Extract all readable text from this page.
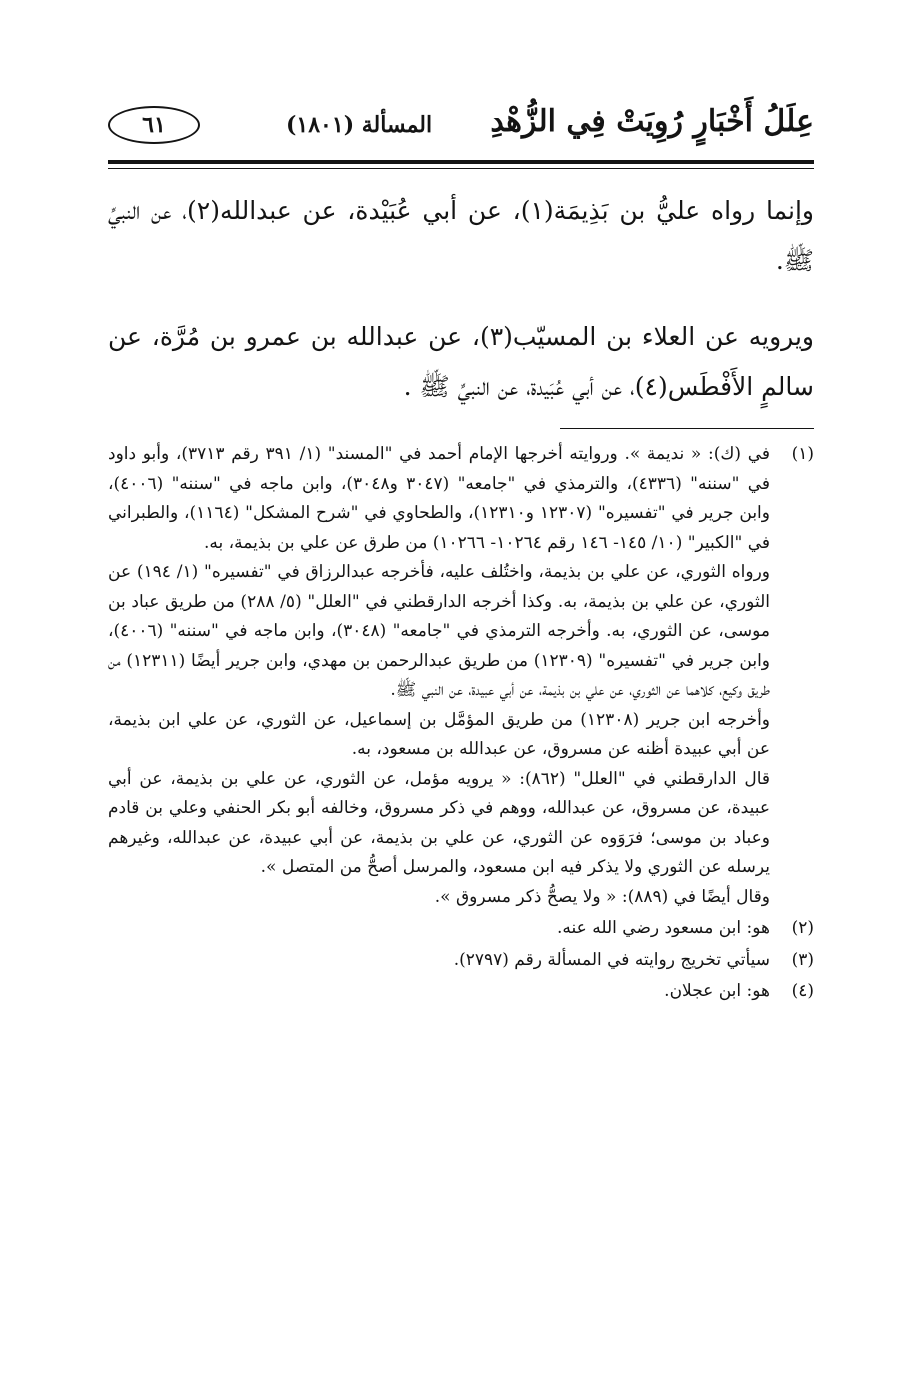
عِلَلُ أَخْبَارٍ رُوِيَتْ فِي الزُّهْدِ
المسألة (١٨٠١)
٦١

وإنما رواه عليُّ بن بَذِيمَة(١)، عن أبي عُبَيْدة، عن عبدالله(٢)، عن النبيِّ ﷺ.

ويرويه عن العلاء بن المسيّب(٣)، عن عبدالله بن عمرو بن مُرَّة، عن سالمٍ الأَفْطَس(٤)، عن أبي عُبَيدة، عن النبيِّ ﷺ .

(١)

في (ك): « نديمة ». وروايته أخرجها الإمام أحمد في "المسند" (١/ ٣٩١ رقم ٣٧١٣)، وأبو داود في "سننه" (٤٣٣٦)، والترمذي في "جامعه" (٣٠٤٧ و٣٠٤٨)، وابن ماجه في "سننه" (٤٠٠٦)، وابن جرير في "تفسيره" (١٢٣٠٧ و١٢٣١٠)، والطحاوي في "شرح المشكل" (١١٦٤)، والطبراني في "الكبير" (١٠/ ١٤٥- ١٤٦ رقم ١٠٢٦٤- ١٠٢٦٦) من طرق عن علي بن بذيمة، به.

ورواه الثوري، عن علي بن بذيمة، واختُلف عليه، فأخرجه عبدالرزاق في "تفسيره" (١/ ١٩٤) عن الثوري، عن علي بن بذيمة، به. وكذا أخرجه الدارقطني في "العلل" (٥/ ٢٨٨) من طريق عباد بن موسى، عن الثوري، به. وأخرجه الترمذي في "جامعه" (٣٠٤٨)، وابن ماجه في "سننه" (٤٠٠٦)، وابن جرير في "تفسيره" (١٢٣٠٩) من طريق عبدالرحمن بن مهدي، وابن جرير أيضًا (١٢٣١١) من طريق وكيع، كلاهما عن الثوري، عن علي بن بذيمة، عن أبي عبيدة، عن النبي ﷺ.

وأخرجه ابن جرير (١٢٣٠٨) من طريق المؤمَّل بن إسماعيل، عن الثوري، عن علي ابن بذيمة، عن أبي عبيدة أظنه عن مسروق، عن عبدالله بن مسعود، به.

قال الدارقطني في "العلل" (٨٦٢): « يرويه مؤمل، عن الثوري، عن علي بن بذيمة، عن أبي عبيدة، عن مسروق، عن عبدالله، ووهم في ذكر مسروق، وخالفه أبو بكر الحنفي وعلي بن قادم وعباد بن موسى؛ فرَوَوه عن الثوري، عن علي بن بذيمة، عن أبي عبيدة، عن عبدالله، وغيرهم يرسله عن الثوري ولا يذكر فيه ابن مسعود، والمرسل أصحُّ من المتصل ».

وقال أيضًا في (٨٨٩): « ولا يصحُّ ذكر مسروق ».

(٢)

هو: ابن مسعود رضي الله عنه.

(٣)

سيأتي تخريج روايته في المسألة رقم (٢٧٩٧).

(٤)

هو: ابن عجلان.
